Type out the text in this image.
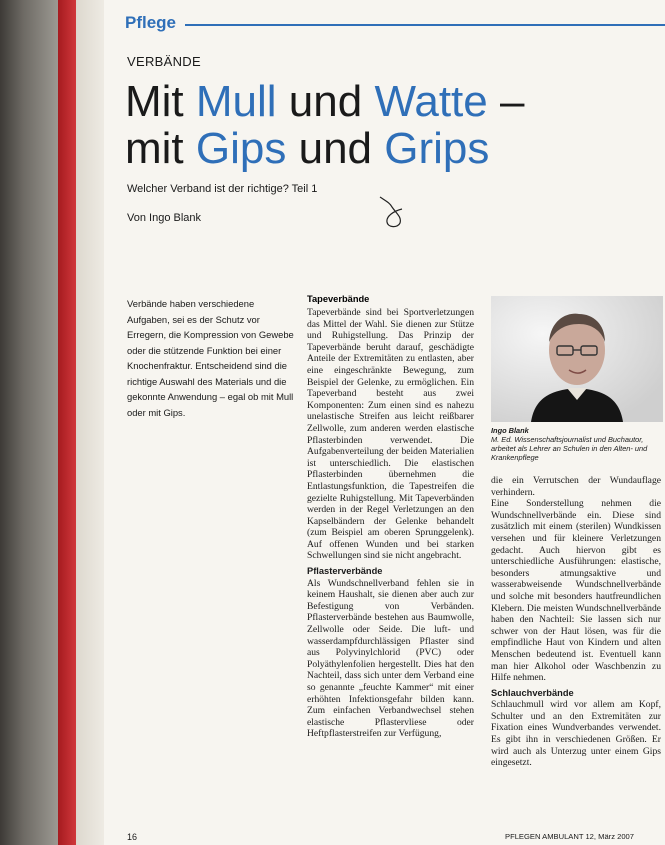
Pflege
VERBÄNDE
Mit Mull und Watte –
mit Gips und Grips
Welcher Verband ist der richtige? Teil 1
Von Ingo Blank

Verbände haben verschiedene Aufgaben, sei es der Schutz vor Erregern, die Kompression von Gewebe oder die stützende Funktion bei einer Knochenfraktur. Entscheidend sind die richtige Auswahl des Materials und die gekonnte Anwendung – egal ob mit Mull oder mit Gips.

Tapeverbände
Tapeverbände sind bei Sportverletzungen das Mittel der Wahl. Sie dienen zur Stütze und Ruhigstellung. Das Prinzip der Tapeverbände beruht darauf, geschädigte Anteile der Extremitäten zu entlasten, aber eine eingeschränkte Bewegung, zum Beispiel der Gelenke, zu ermöglichen. Ein Tapeverband besteht aus zwei Komponenten: Zum einen sind es nahezu unelastische Streifen aus leicht reißbarer Zellwolle, zum anderen werden elastische Pflasterbinden verwendet. Die Aufgabenverteilung der beiden Materialien ist unterschiedlich. Die elastischen Pflasterbinden übernehmen die Entlastungsfunktion, die Tapestreifen die gezielte Ruhigstellung. Mit Tapeverbänden werden in der Regel Verletzungen an den Kapselbändern der Gelenke behandelt (zum Beispiel am oberen Sprunggelenk). Auf offenen Wunden und bei starken Schwellungen sind sie nicht angebracht.
Pflasterverbände
Als Wundschnellverband fehlen sie in keinem Haushalt, sie dienen aber auch zur Befestigung von Verbänden. Pflasterverbände bestehen aus Baumwolle, Zellwolle oder Seide. Die luft- und wasserdampfdurchlässigen Pflaster sind aus Polyvinylchlorid (PVC) oder Polyäthylenfolien hergestellt. Dies hat den Nachteil, dass sich unter dem Verband eine so genannte „feuchte Kammer“ mit einer erhöhten Infektionsgefahr bilden kann. Zum einfachen Verbandwechsel stehen elastische Pflastervliese oder Heftpflasterstreifen zur Verfügung,
Ingo Blank
M. Ed. Wissenschaftsjournalist und Buchautor, arbeitet als Lehrer an Schulen in den Alten- und Krankenpflege
die ein Verrutschen der Wundauflage verhindern.
Eine Sonderstellung nehmen die Wundschnellverbände ein. Diese sind zusätzlich mit einem (sterilen) Wundkissen versehen und für kleinere Verletzungen gedacht. Auch hiervon gibt es unterschiedliche Ausführungen: elastische, besonders atmungsaktive und wasserabweisende Wundschnellverbände und solche mit besonders hautfreundlichen Klebern. Die meisten Wundschnellverbände haben den Nachteil: Sie lassen sich nur schwer von der Haut lösen, was für die empfindliche Haut von Kindern und alten Menschen bedeutend ist. Eventuell kann man hier Alkohol oder Waschbenzin zu Hilfe nehmen.
Schlauchverbände
Schlauchmull wird vor allem am Kopf, Schulter und an den Extremitäten zur Fixation eines Wundverbandes verwendet. Es gibt ihn in verschiedenen Größen. Er wird auch als Unterzug unter einem Gips eingesetzt.
16	PFLEGEN AMBULANT 12, März 2007
